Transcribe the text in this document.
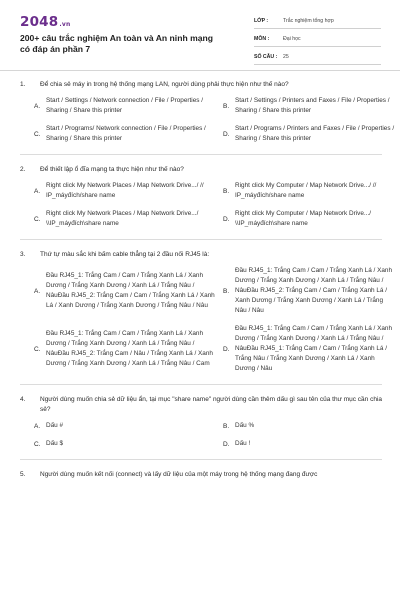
2048.vn
200+ câu trắc nghiệm An toàn và An ninh mạng có đáp án phần 7
LỚP :	Trắc nghiệm tổng hợp
MÔN :	Đại học
SỐ CÂU :	25
1.	Để chia sẻ máy in trong hệ thống mạng LAN, người dùng phải thực hiện như thế nào?
A.
Start / Settings / Network connection / File / Properties / Sharing / Share this printer
B.
Start / Settings / Printers and Faxes / File / Properties / Sharing / Share this printer
C.
Start / Programs/ Network connection / File / Properties / Sharing / Share this printer
D.
Start / Programs / Printers and Faxes / File / Properties / Sharing / Share this printer
2.	Để thiết lập ổ đĩa mạng ta thực hiện như thế nào?
A.
Right click My Network Places / Map Network Drive.../ // IP_máyđích/share name
B.
Right click My Computer / Map Network Drive.../ // IP_máyđích/share name
C.
Right click My Network Places / Map Network Drive.../ \\IP_máyđích\share name
D.
Right click My Computer / Map Network Drive.../ \\IP_máyđích\share name
3.	Thứ tự màu sắc khi bấm cable thẳng tại 2 đầu nối RJ45 là:
A.
Đầu RJ45_1: Trắng Cam / Cam / Trắng Xanh Lá / Xanh Dương / Trắng Xanh Dương / Xanh Lá / Trắng Nâu / NâuĐầu RJ45_2: Trắng Cam / Cam / Trắng Xanh Lá / Xanh Lá / Xanh Dương / Trắng Xanh Dương / Trắng Nâu / Nâu
B.
Đầu RJ45_1: Trắng Cam / Cam / Trắng Xanh Lá / Xanh Dương / Trắng Xanh Dương / Xanh Lá / Trắng Nâu / NâuĐầu RJ45_2: Trắng Cam / Cam / Trắng Xanh Lá / Xanh Dương / Trắng Xanh Dương / Xanh Lá / Trắng Nâu / Nâu
C.
Đầu RJ45_1: Trắng Cam / Cam / Trắng Xanh Lá / Xanh Dương / Trắng Xanh Dương / Xanh Lá / Trắng Nâu / NâuĐầu RJ45_2: Trắng Cam / Nâu / Trắng Xanh Lá / Xanh Dương / Trắng Xanh Dương / Xanh Lá / Trắng Nâu / Cam
D.
Đầu RJ45_1: Trắng Cam / Cam / Trắng Xanh Lá / Xanh Dương / Trắng Xanh Dương / Xanh Lá / Trắng Nâu / NâuĐầu RJ45_1: Trắng Cam / Cam / Trắng Xanh Lá / Trắng Nâu / Trắng Xanh Dương / Xanh Lá / Xanh Dương / Nâu
4.	Người dùng muốn chia sẻ dữ liệu ẩn, tại mục "share name" người dùng cần thêm dấu gì sau tên của thư mục cần chia sẻ?
A. Dấu #	B. Dấu %
C. Dấu $	D. Dấu !
5.	Người dùng muốn kết nối (connect) và lấy dữ liệu của một máy trong hệ thống mạng đang được
